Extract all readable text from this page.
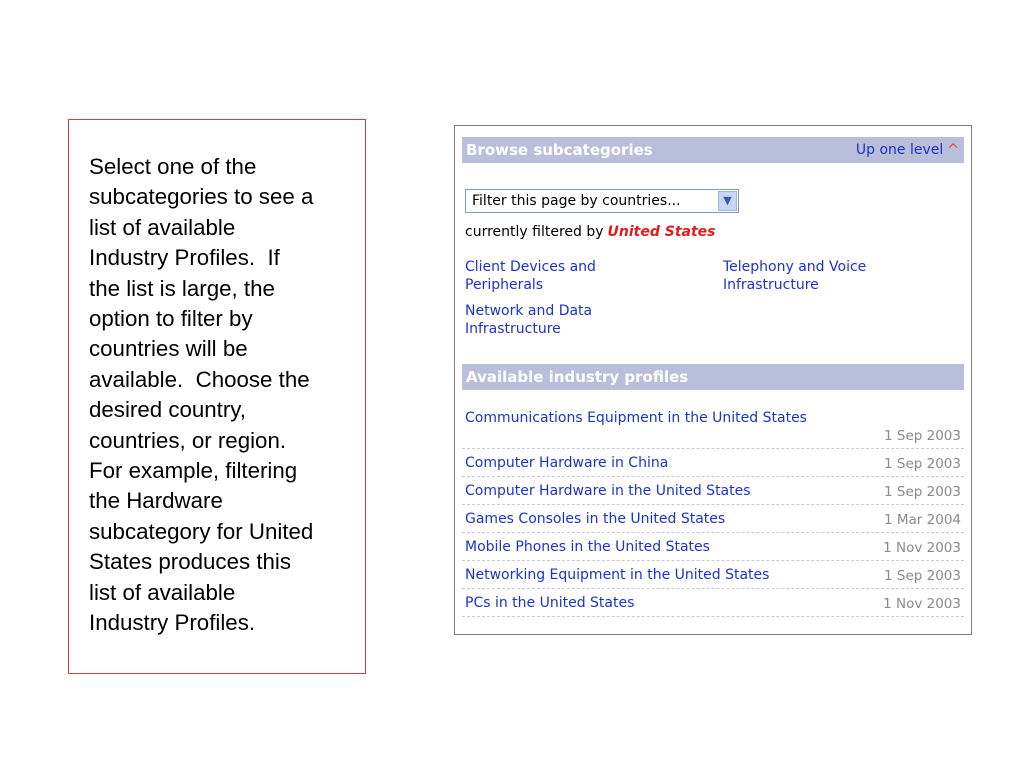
Select one of the
subcategories to see a
list of available
Industry Profiles.  If
the list is large, the
option to filter by
countries will be
available.  Choose the
desired country,
countries, or region.
For example, filtering
the Hardware
subcategory for United
States produces this
list of available
Industry Profiles.

Browse subcategories	Up one level ^
Filter this page by countries...	▼
currently filtered by United States
Client Devices and Peripherals
Telephony and Voice Infrastructure
Network and Data Infrastructure
Available industry profiles
Communications Equipment in the United States
1 Sep 2003
Computer Hardware in China	1 Sep 2003
Computer Hardware in the United States	1 Sep 2003
Games Consoles in the United States	1 Mar 2004
Mobile Phones in the United States	1 Nov 2003
Networking Equipment in the United States	1 Sep 2003
PCs in the United States	1 Nov 2003
